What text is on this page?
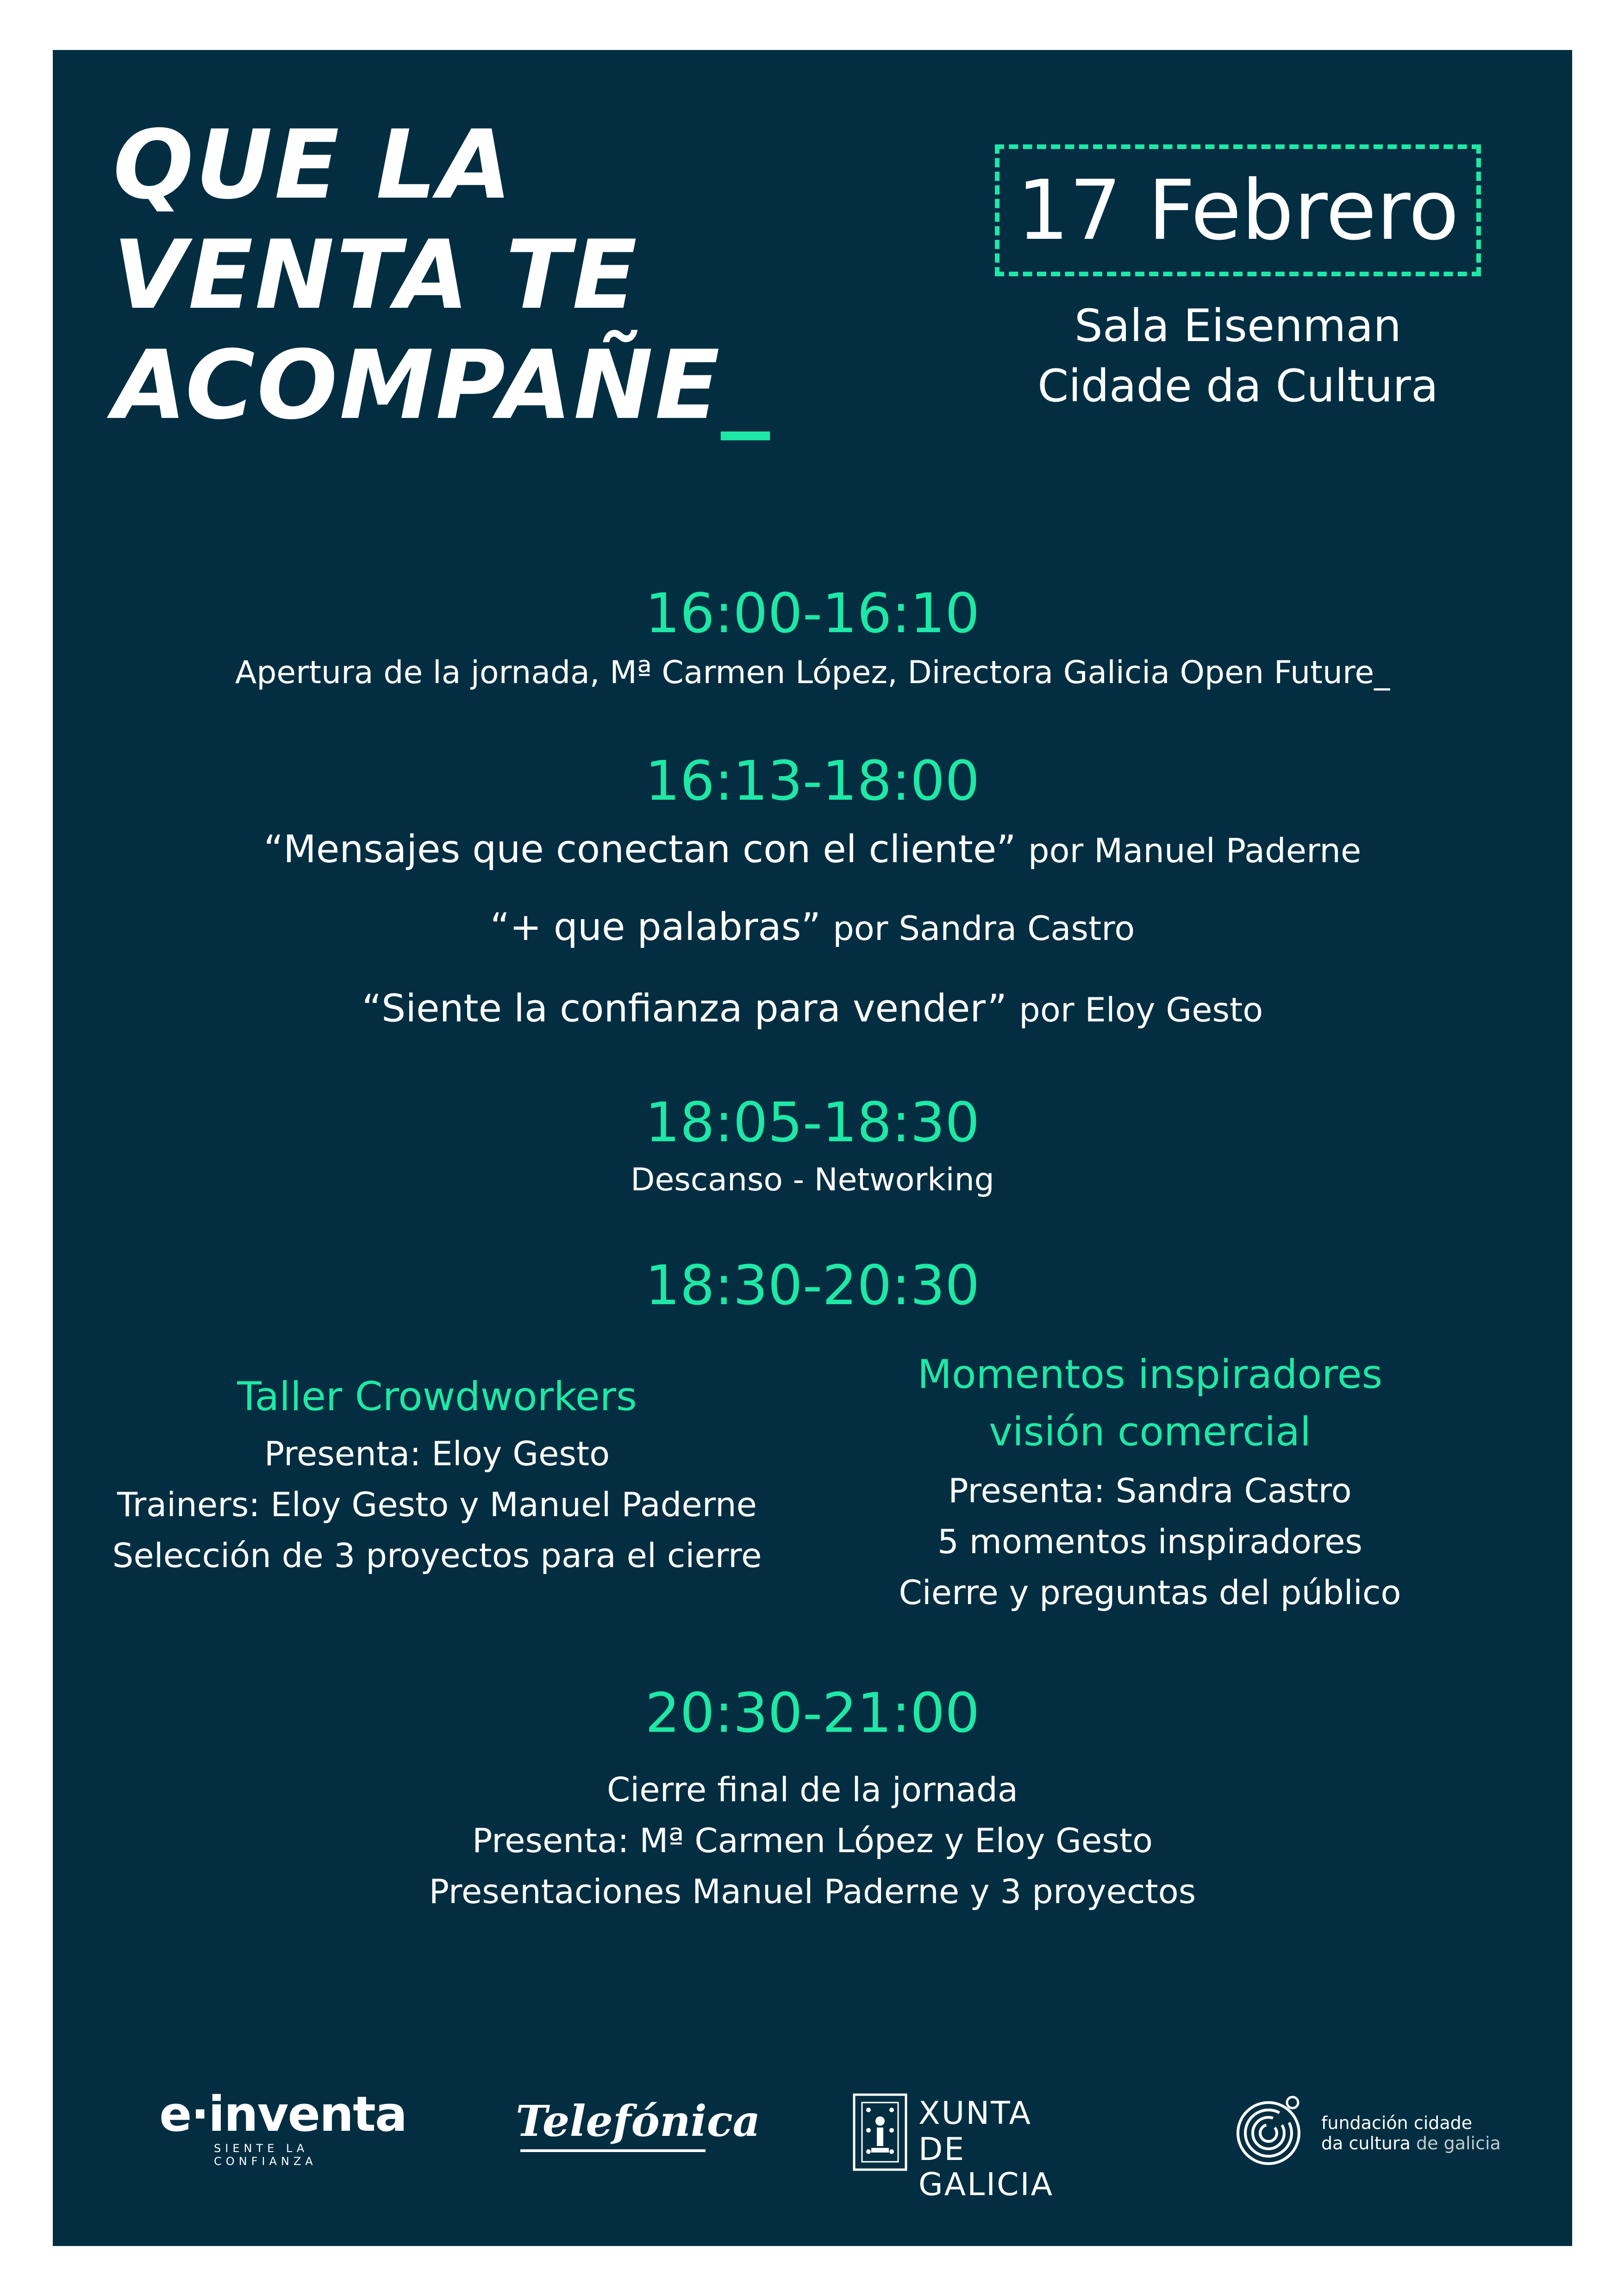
QUE LA
VENTA TE
ACOMPAÑE_
17 Febrero
Sala Eisenman
Cidade da Cultura
16:00-16:10
Apertura de la jornada, Mª Carmen López, Directora Galicia Open Future_
16:13-18:00
“Mensajes que conectan con el cliente” por Manuel Paderne
“+ que palabras” por Sandra Castro
“Siente la confianza para vender” por Eloy Gesto
18:05-18:30
Descanso - Networking
18:30-20:30
Taller Crowdworkers
Presenta: Eloy Gesto
Trainers: Eloy Gesto y Manuel Paderne
Selección de 3 proyectos para el cierre
Momentos inspiradores
visión comercial
Presenta: Sandra Castro
5 momentos inspiradores
Cierre y preguntas del público
20:30-21:00
Cierre final de la jornada
Presenta: Mª Carmen López y Eloy Gesto
Presentaciones Manuel Paderne y 3 proyectos
e·inventa
SIENTE LA CONFIANZA
Telefónica	XUNTA
DE GALICIA
fundación cidade
da cultura de galicia
